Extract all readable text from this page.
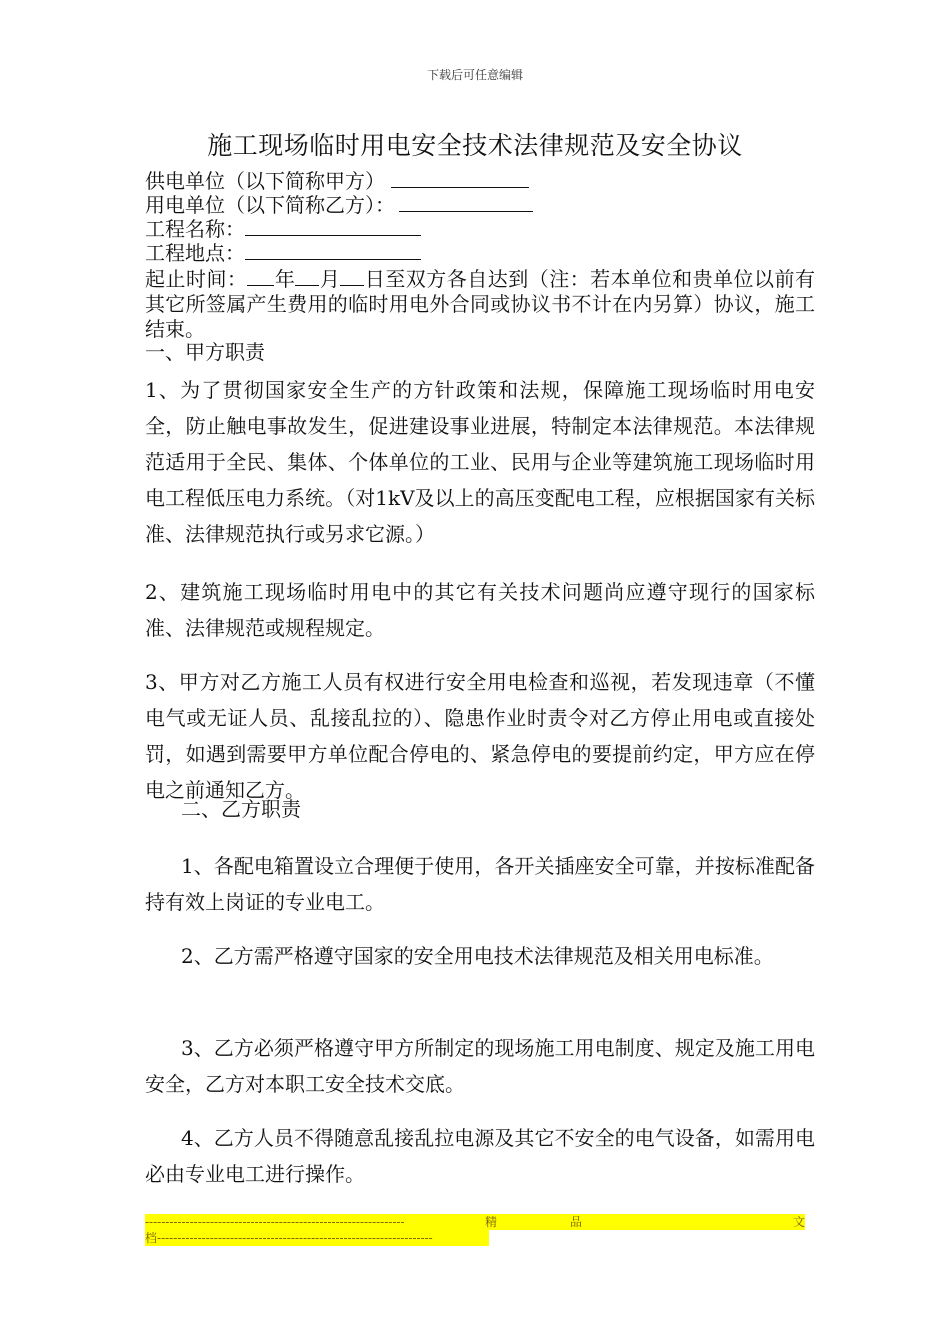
下载后可任意编辑
施工现场临时用电安全技术法律规范及安全协议
供电单位（以下简称甲方）
用电单位（以下简称乙方）：
工程名称：
工程地点：
起止时间： 年 月 日至双方各自达到（注：若本单位和贵单位以前有其它所签属产生费用的临时用电外合同或协议书不计在内另算）协议，施工结束。
一、甲方职责
1、为了贯彻国家安全生产的方针政策和法规，保障施工现场临时用电安全，防止触电事故发生，促进建设事业进展，特制定本法律规范。本法律规范适用于全民、集体、个体单位的工业、民用与企业等建筑施工现场临时用电工程低压电力系统。（对1kV及以上的高压变配电工程，应根据国家有关标准、法律规范执行或另求它源。）
2、建筑施工现场临时用电中的其它有关技术问题尚应遵守现行的国家标准、法律规范或规程规定。
3、甲方对乙方施工人员有权进行安全用电检查和巡视，若发现违章（不懂电气或无证人员、乱接乱拉的）、隐患作业时责令对乙方停止用电或直接处罚，如遇到需要甲方单位配合停电的、紧急停电的要提前约定，甲方应在停电之前通知乙方。
二、乙方职责
1、各配电箱置设立合理便于使用，各开关插座安全可靠，并按标准配备持有效上岗证的专业电工。
2、乙方需严格遵守国家的安全用电技术法律规范及相关用电标准。
3、乙方必须严格遵守甲方所制定的现场施工用电制度、规定及施工用电安全，乙方对本职工安全技术交底。
4、乙方人员不得随意乱接乱拉电源及其它不安全的电气设备，如需用电必由专业电工进行操作。
----------------------------------------------------------------	精	品	文
档--------------------------------------------------------------------
